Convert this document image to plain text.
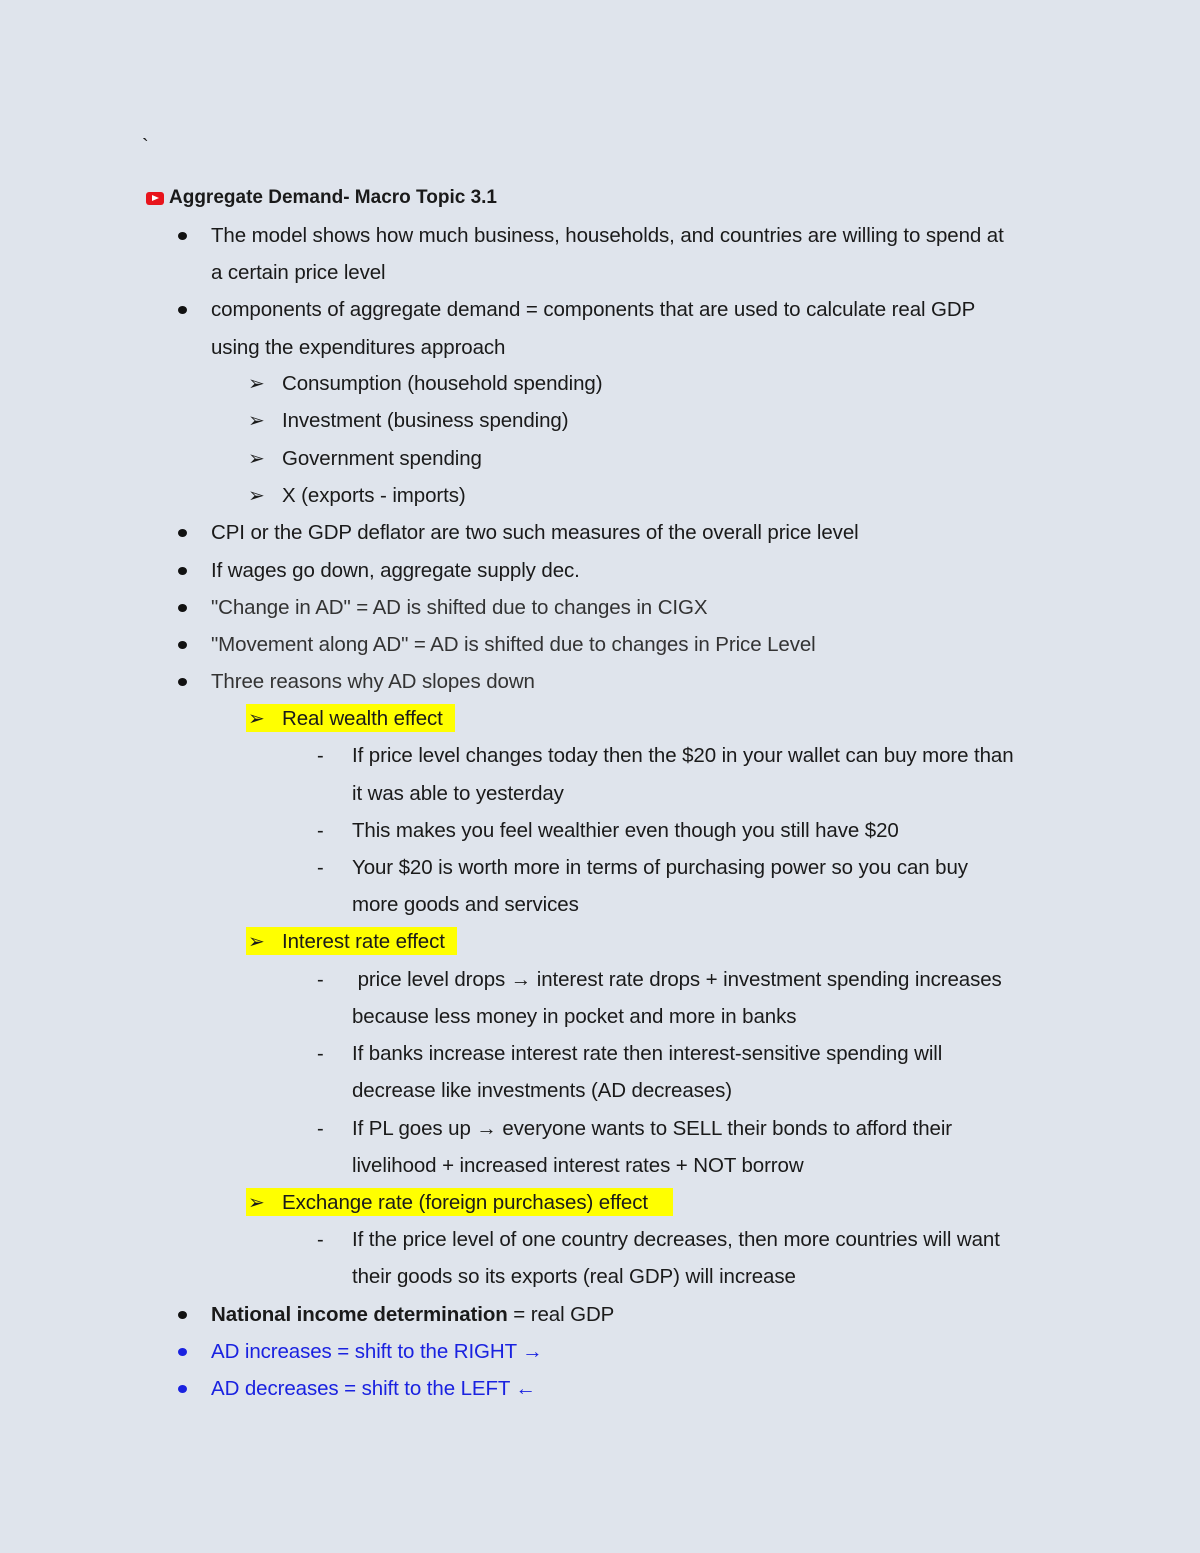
`
Aggregate Demand- Macro Topic 3.1
The model shows how much business, households, and countries are willing to spend at
a certain price level
components of aggregate demand = components that are used to calculate real GDP
using the expenditures approach
➢ Consumption (household spending)
➢ Investment (business spending)
➢ Government spending
➢ X (exports - imports)
CPI or the GDP deflator are two such measures of the overall price level
If wages go down, aggregate supply dec.
"Change in AD" = AD is shifted due to changes in CIGX
"Movement along AD" = AD is shifted due to changes in Price Level
Three reasons why AD slopes down
➢ Real wealth effect
- If price level changes today then the $20 in your wallet can buy more than
it was able to yesterday
- This makes you feel wealthier even though you still have $20
- Your $20 is worth more in terms of purchasing power so you can buy
more goods and services
➢ Interest rate effect
- price level drops → interest rate drops + investment spending increases
because less money in pocket and more in banks
- If banks increase interest rate then interest-sensitive spending will
decrease like investments (AD decreases)
- If PL goes up → everyone wants to SELL their bonds to afford their
livelihood + increased interest rates + NOT borrow
➢ Exchange rate (foreign purchases) effect
- If the price level of one country decreases, then more countries will want
their goods so its exports (real GDP) will increase
National income determination = real GDP
AD increases = shift to the RIGHT →
AD decreases = shift to the LEFT ←
